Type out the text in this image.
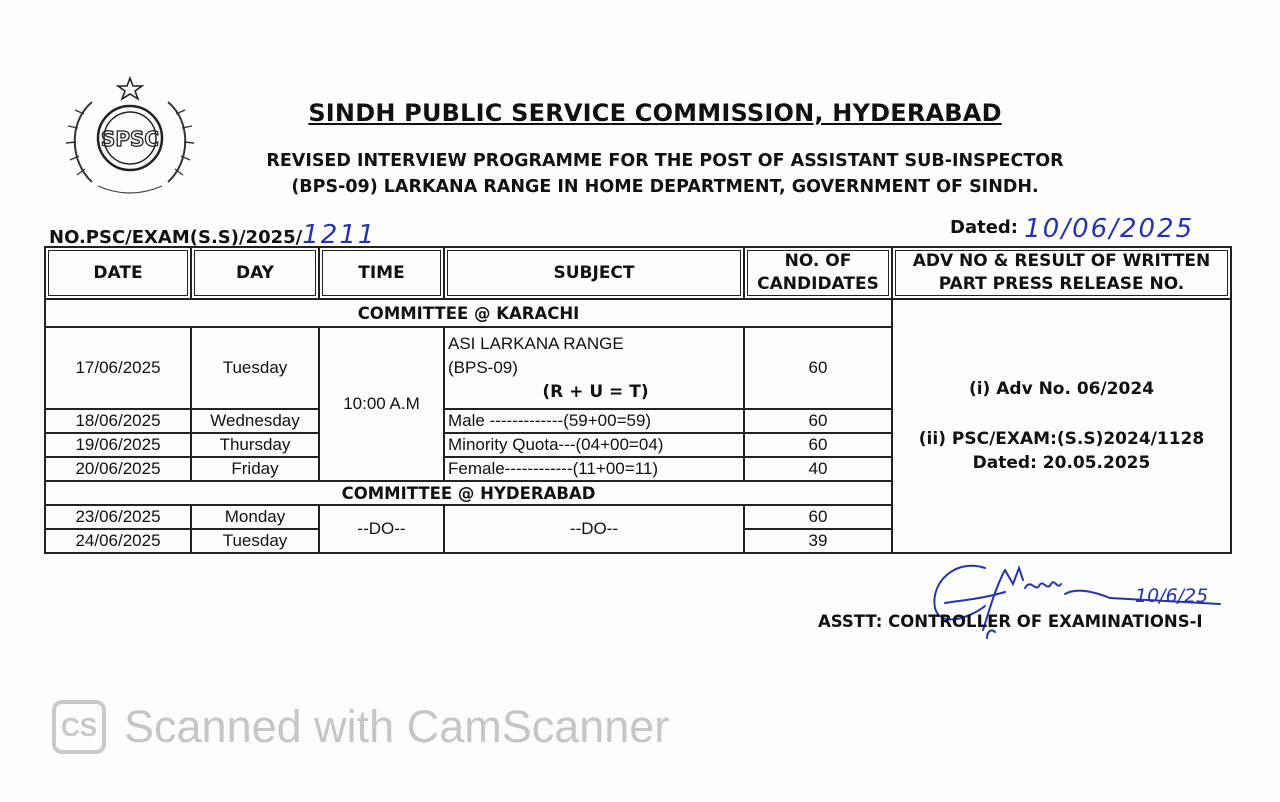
SPSC
SINDH PUBLIC SERVICE COMMISSION, HYDERABAD
REVISED INTERVIEW PROGRAMME FOR THE POST OF ASSISTANT SUB-INSPECTOR
(BPS-09) LARKANA RANGE IN HOME DEPARTMENT, GOVERNMENT OF SINDH.
NO.PSC/EXAM(S.S)/2025/1211	Dated: 10/06/2025
DATE	DAY	TIME	SUBJECT	NO. OF CANDIDATES	ADV NO & RESULT OF WRITTEN PART PRESS RELEASE NO.
COMMITTEE @ KARACHI					(i) Adv No. 06/2024
(ii) PSC/EXAM:(S.S)2024/1128
Dated: 20.05.2025

17/06/2025	Tuesday	10:00 A.M	ASI LARKANA RANGE
(BPS-09)
(R + U = T)	60	
18/06/2025	Wednesday		Male -------------(59+00=59)	60	
19/06/2025	Thursday		Minority Quota---(04+00=04)	60	
20/06/2025	Friday		Female------------(11+00=11)	40	
COMMITTEE @ HYDERABAD					
23/06/2025	Monday	--DO--	--DO--	60	
24/06/2025	Tuesday			39	
10/6/25
ASSTT: CONTROLLER OF EXAMINATIONS-I
CS Scanned with CamScanner
